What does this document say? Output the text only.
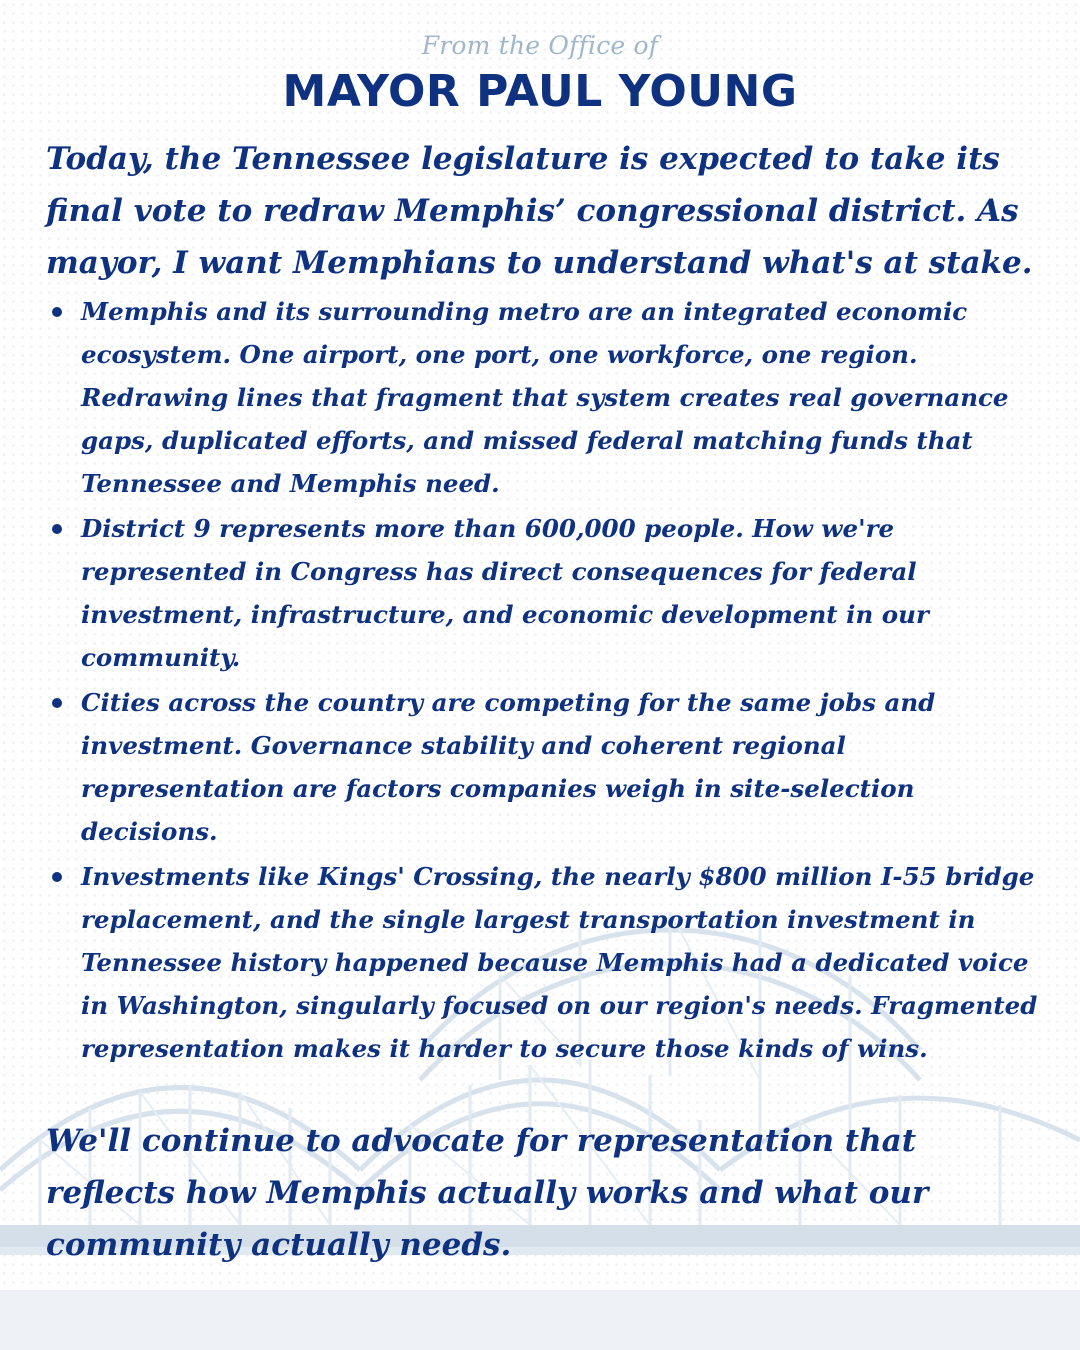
From the Office of
MAYOR PAUL YOUNG

Today, the Tennessee legislature is expected to take its final vote to redraw Memphis’ congressional district. As mayor, I want Memphians to understand what's at stake.

Memphis and its surrounding metro are an integrated economic ecosystem. One airport, one port, one workforce, one region. Redrawing lines that fragment that system creates real governance gaps, duplicated efforts, and missed federal matching funds that Tennessee and Memphis need.
District 9 represents more than 600,000 people. How we're represented in Congress has direct consequences for federal investment, infrastructure, and economic development in our community.
Cities across the country are competing for the same jobs and investment. Governance stability and coherent regional representation are factors companies weigh in site-selection decisions.
Investments like Kings' Crossing, the nearly $800 million I-55 bridge replacement, and the single largest transportation investment in Tennessee history happened because Memphis had a dedicated voice in Washington, singularly focused on our region's needs. Fragmented representation makes it harder to secure those kinds of wins.

We'll continue to advocate for representation that reflects how Memphis actually works and what our community actually needs.
